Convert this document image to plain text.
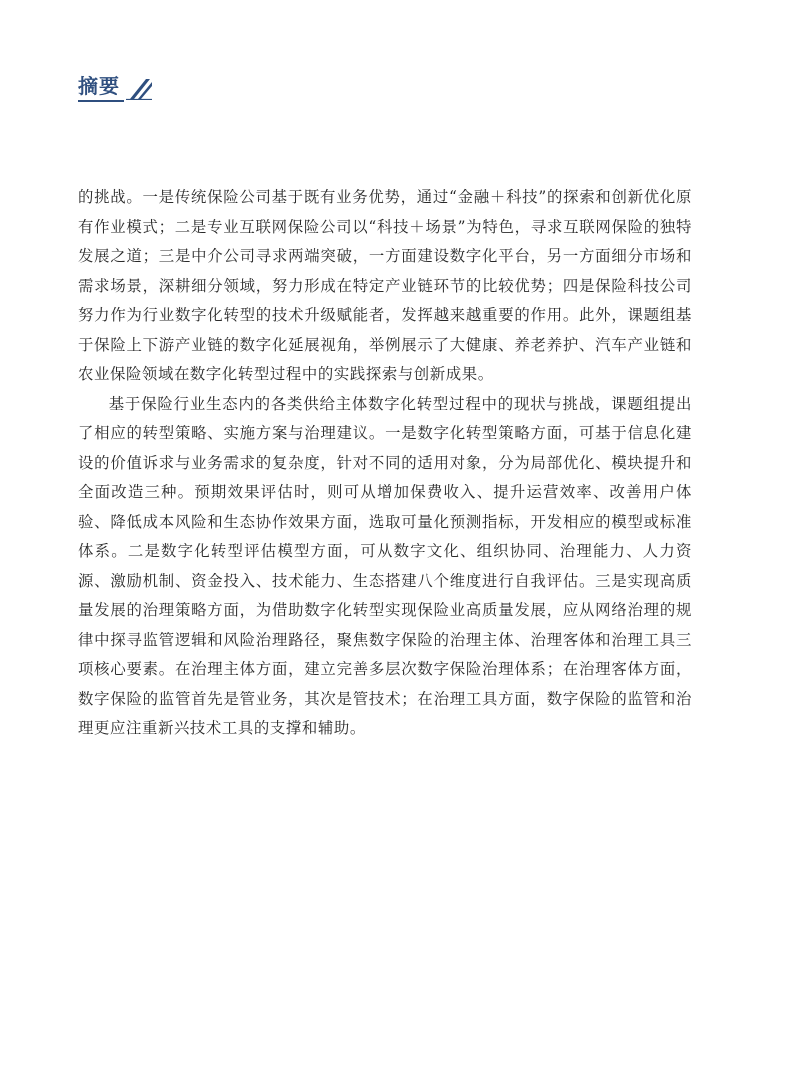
摘要

的挑战。一是传统保险公司基于既有业务优势，通过“金融＋科技”的探索和创新优化原有作业模式；二是专业互联网保险公司以“科技＋场景”为特色，寻求互联网保险的独特发展之道；三是中介公司寻求两端突破，一方面建设数字化平台，另一方面细分市场和需求场景，深耕细分领域，努力形成在特定产业链环节的比较优势；四是保险科技公司努力作为行业数字化转型的技术升级赋能者，发挥越来越重要的作用。此外，课题组基于保险上下游产业链的数字化延展视角，举例展示了大健康、养老养护、汽车产业链和农业保险领域在数字化转型过程中的实践探索与创新成果。

基于保险行业生态内的各类供给主体数字化转型过程中的现状与挑战，课题组提出了相应的转型策略、实施方案与治理建议。一是数字化转型策略方面，可基于信息化建设的价值诉求与业务需求的复杂度，针对不同的适用对象，分为局部优化、模块提升和全面改造三种。预期效果评估时，则可从增加保费收入、提升运营效率、改善用户体验、降低成本风险和生态协作效果方面，选取可量化预测指标，开发相应的模型或标准体系。二是数字化转型评估模型方面，可从数字文化、组织协同、治理能力、人力资源、激励机制、资金投入、技术能力、生态搭建八个维度进行自我评估。三是实现高质量发展的治理策略方面，为借助数字化转型实现保险业高质量发展，应从网络治理的规律中探寻监管逻辑和风险治理路径，聚焦数字保险的治理主体、治理客体和治理工具三项核心要素。在治理主体方面，建立完善多层次数字保险治理体系；在治理客体方面，数字保险的监管首先是管业务，其次是管技术；在治理工具方面，数字保险的监管和治理更应注重新兴技术工具的支撑和辅助。
